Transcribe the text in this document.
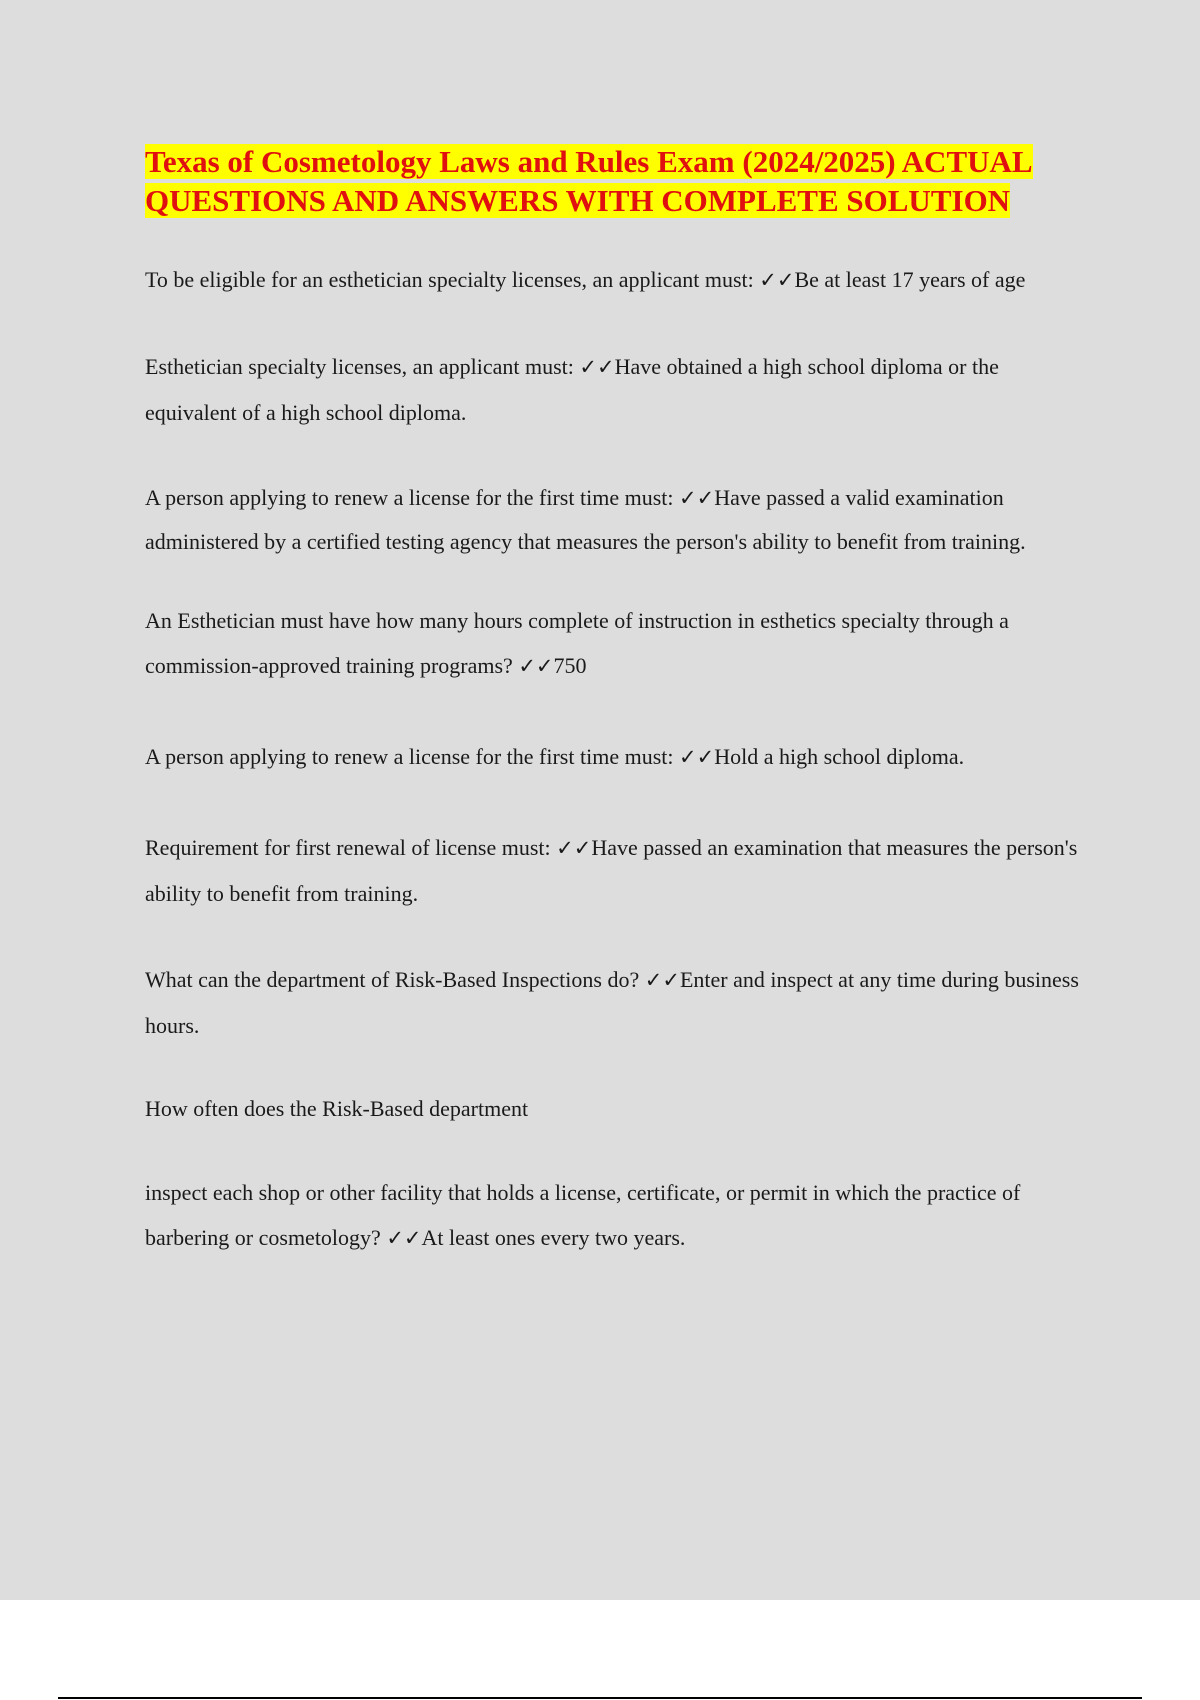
Texas of Cosmetology Laws and Rules Exam (2024/2025) ACTUAL QUESTIONS AND ANSWERS WITH COMPLETE SOLUTION

To be eligible for an esthetician specialty licenses, an applicant must: ✓✓Be at least 17 years of age

Esthetician specialty licenses, an applicant must: ✓✓Have obtained a high school diploma or the equivalent of a high school diploma.

A person applying to renew a license for the first time must: ✓✓Have passed a valid examination administered by a certified testing agency that measures the person's ability to benefit from training.

An Esthetician must have how many hours complete of instruction in esthetics specialty through a commission-approved training programs? ✓✓750

A person applying to renew a license for the first time must: ✓✓Hold a high school diploma.

Requirement for first renewal of license must: ✓✓Have passed an examination that measures the person's ability to benefit from training.

What can the department of Risk-Based Inspections do? ✓✓Enter and inspect at any time during business hours.

How often does the Risk-Based department

inspect each shop or other facility that holds a license, certificate, or permit in which the practice of barbering or cosmetology? ✓✓At least ones every two years.
